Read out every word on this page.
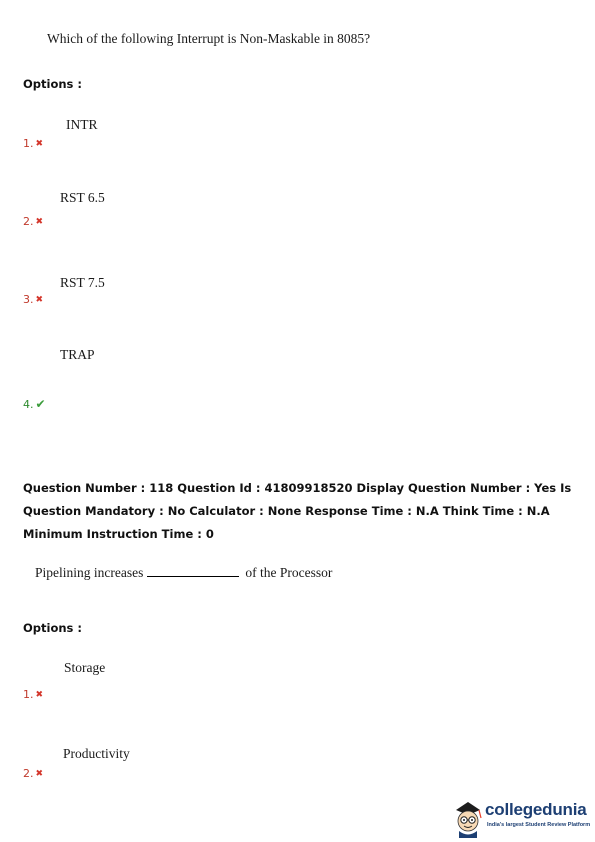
Which of the following Interrupt is Non-Maskable in 8085?
Options :
INTR
1. ✖
RST 6.5
2. ✖
RST 7.5
3. ✖
TRAP
4. ✔
Question Number : 118 Question Id : 41809918520 Display Question Number : Yes Is Question Mandatory : No Calculator : None Response Time : N.A Think Time : N.A Minimum Instruction Time : 0
Pipelining increases	of the Processor
Options :
Storage
1. ✖
Productivity
2. ✖
collegedunia
India's largest Student Review Platform
